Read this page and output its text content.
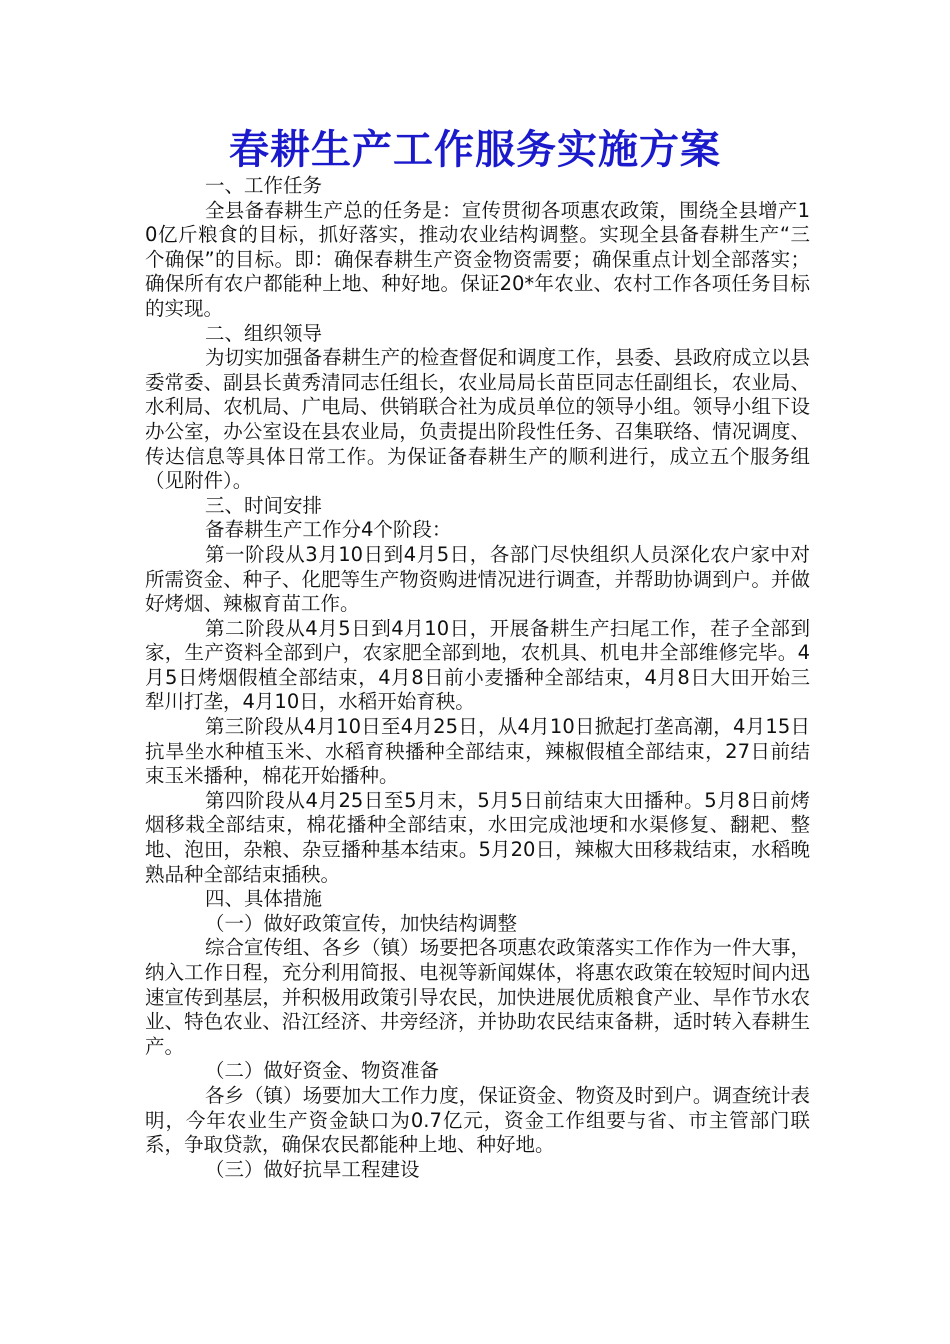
春耕生产工作服务实施方案

一、工作任务

全县备春耕生产总的任务是：宣传贯彻各项惠农政策，围绕全县增产10亿斤粮食的目标，抓好落实，推动农业结构调整。实现全县备春耕生产“三个确保”的目标。即：确保春耕生产资金物资需要；确保重点计划全部落实；确保所有农户都能种上地、种好地。保证20*年农业、农村工作各项任务目标的实现。

二、组织领导

为切实加强备春耕生产的检查督促和调度工作，县委、县政府成立以县委常委、副县长黄秀清同志任组长，农业局局长苗臣同志任副组长，农业局、水利局、农机局、广电局、供销联合社为成员单位的领导小组。领导小组下设办公室，办公室设在县农业局，负责提出阶段性任务、召集联络、情况调度、传达信息等具体日常工作。为保证备春耕生产的顺利进行，成立五个服务组（见附件）。

三、时间安排

备春耕生产工作分4个阶段：

第一阶段从3月10日到4月5日，各部门尽快组织人员深化农户家中对所需资金、种子、化肥等生产物资购进情况进行调查，并帮助协调到户。并做好烤烟、辣椒育苗工作。

第二阶段从4月5日到4月10日，开展备耕生产扫尾工作，茬子全部到家，生产资料全部到户，农家肥全部到地，农机具、机电井全部维修完毕。4月5日烤烟假植全部结束，4月8日前小麦播种全部结束，4月8日大田开始三犁川打垄，4月10日，水稻开始育秧。

第三阶段从4月10日至4月25日，从4月10日掀起打垄高潮，4月15日抗旱坐水种植玉米、水稻育秧播种全部结束，辣椒假植全部结束，27日前结束玉米播种，棉花开始播种。

第四阶段从4月25日至5月末，5月5日前结束大田播种。5月8日前烤烟移栽全部结束，棉花播种全部结束，水田完成池埂和水渠修复、翻耙、整地、泡田，杂粮、杂豆播种基本结束。5月20日，辣椒大田移栽结束，水稻晚熟品种全部结束插秧。

四、具体措施

（一）做好政策宣传，加快结构调整

综合宣传组、各乡（镇）场要把各项惠农政策落实工作作为一件大事，纳入工作日程，充分利用简报、电视等新闻媒体，将惠农政策在较短时间内迅速宣传到基层，并积极用政策引导农民，加快进展优质粮食产业、旱作节水农业、特色农业、沿江经济、井旁经济，并协助农民结束备耕，适时转入春耕生产。

（二）做好资金、物资准备

各乡（镇）场要加大工作力度，保证资金、物资及时到户。调查统计表明，今年农业生产资金缺口为0.7亿元，资金工作组要与省、市主管部门联系，争取贷款，确保农民都能种上地、种好地。

（三）做好抗旱工程建设
